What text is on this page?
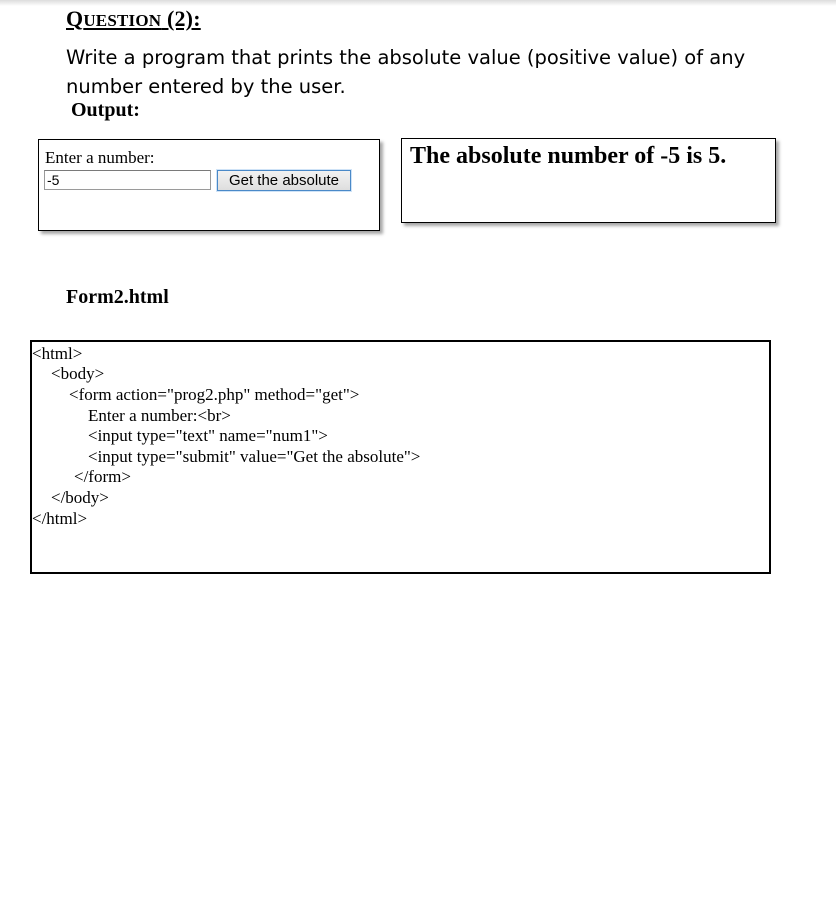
QUESTION (2):
Write a program that prints the absolute value (positive value) of any number entered by the user.
Output:
Enter a number:
-5	Get the absolute
The absolute number of -5 is 5.
Form2.html
<html>
<body>
<form action="prog2.php" method="get">
Enter a number:<br>
<input type="text" name="num1">
<input type="submit" value="Get the absolute">
</form>
</body>
</html>
